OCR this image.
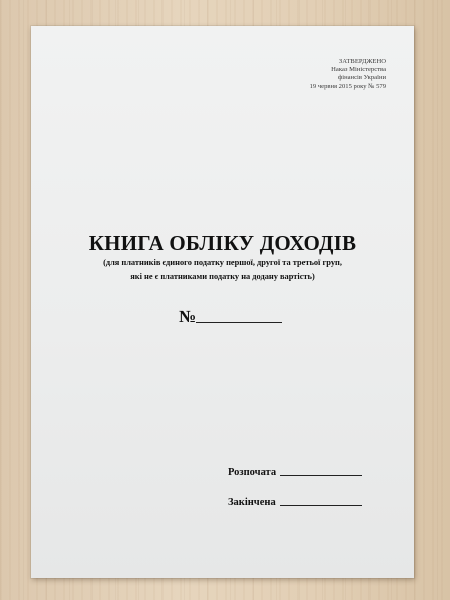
ЗАТВЕРДЖЕНО
Наказ Міністерства
фінансів України
19 червня 2015 року № 579
КНИГА ОБЛІКУ ДОХОДІВ
(для платників єдиного податку першої, другої та третьої груп,
які не є платниками податку на додану вартість)
№
Розпочата
Закінчена
